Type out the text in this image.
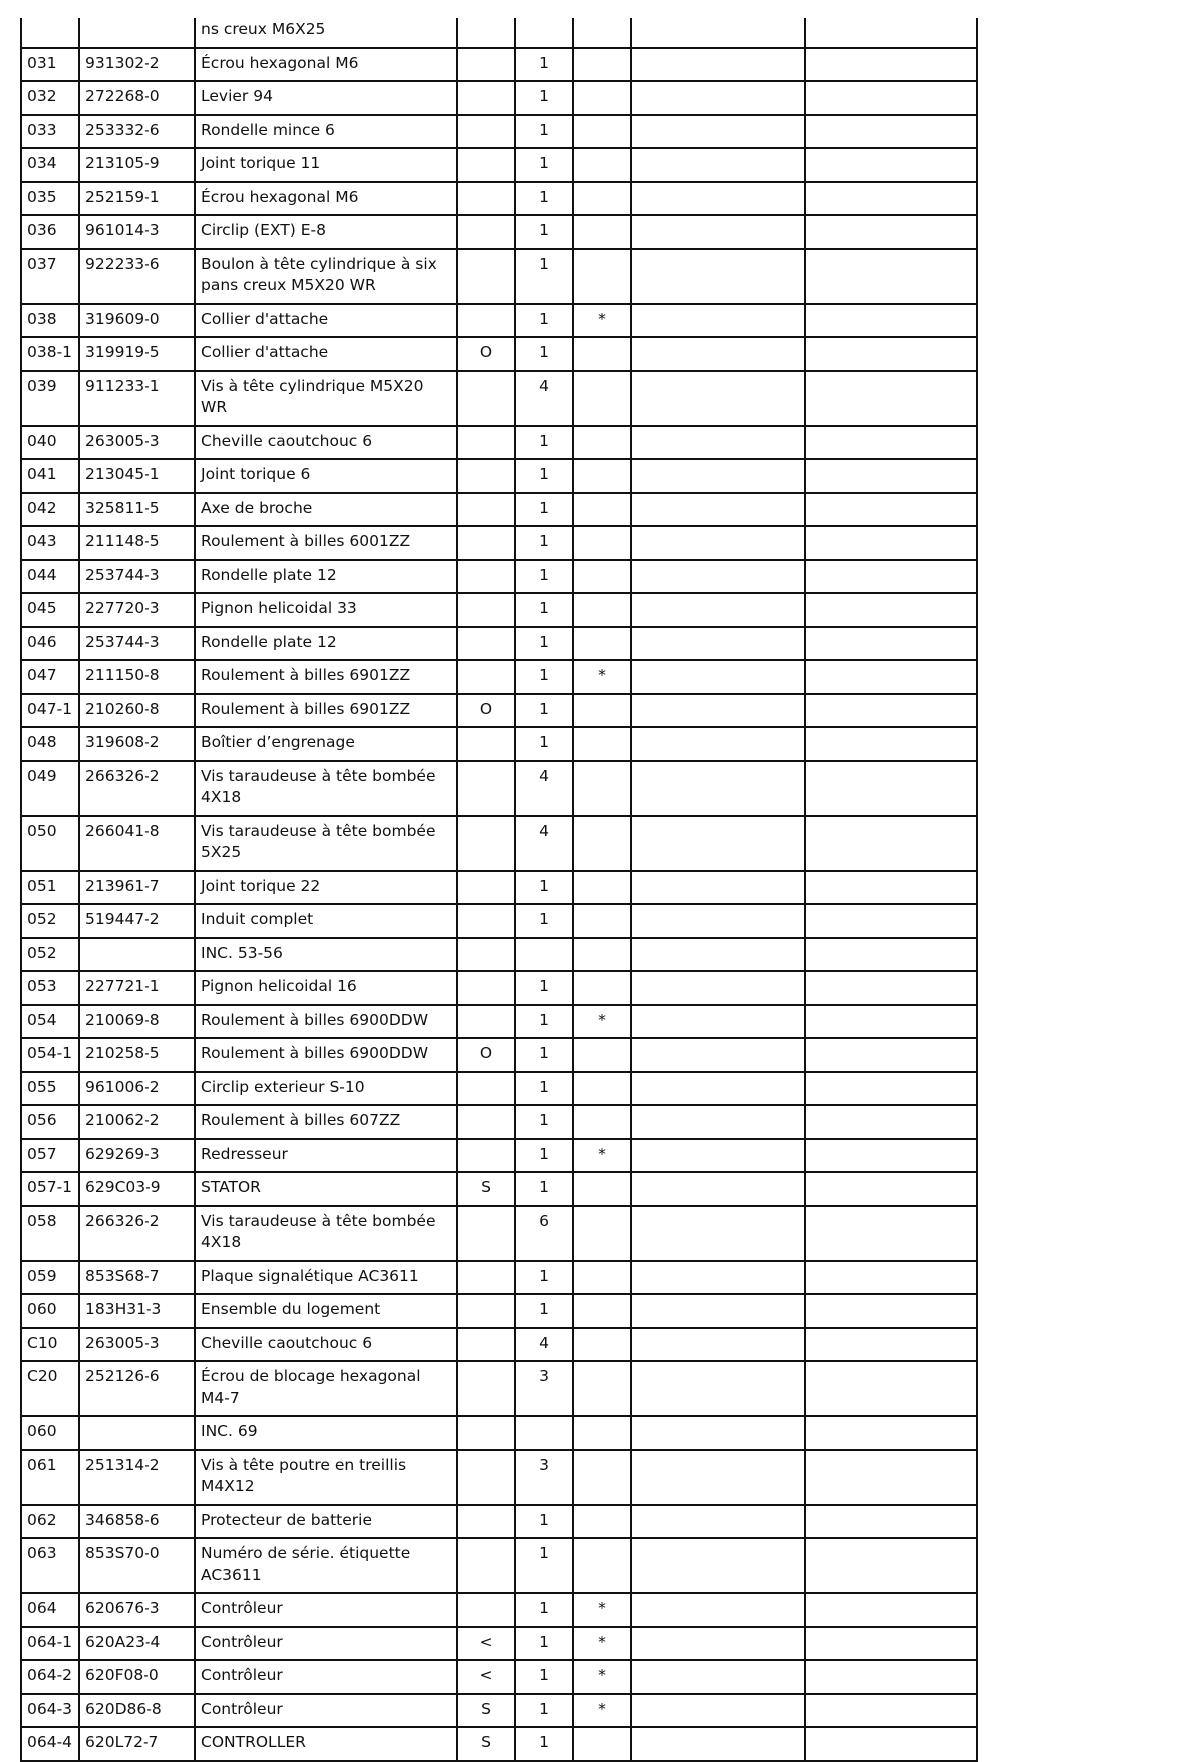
		ns creux M6X25					
031	931302-2	Écrou hexagonal M6		1			
032	272268-0	Levier 94		1			
033	253332-6	Rondelle mince 6		1			
034	213105-9	Joint torique 11		1			
035	252159-1	Écrou hexagonal M6		1			
036	961014-3	Circlip (EXT) E-8		1			
037	922233-6	Boulon à tête cylindrique à six pans creux M5X20 WR		1			
038	319609-0	Collier d'attache		1	*		
038-1	319919-5	Collier d'attache	O	1			
039	911233-1	Vis à tête cylindrique M5X20 WR		4			
040	263005-3	Cheville caoutchouc 6		1			
041	213045-1	Joint torique 6		1			
042	325811-5	Axe de broche		1			
043	211148-5	Roulement à billes 6001ZZ		1			
044	253744-3	Rondelle plate 12		1			
045	227720-3	Pignon helicoidal 33		1			
046	253744-3	Rondelle plate 12		1			
047	211150-8	Roulement à billes 6901ZZ		1	*		
047-1	210260-8	Roulement à billes 6901ZZ	O	1			
048	319608-2	Boîtier d’engrenage		1			
049	266326-2	Vis taraudeuse à tête bombée 4X18		4			
050	266041-8	Vis taraudeuse à tête bombée 5X25		4			
051	213961-7	Joint torique 22		1			
052	519447-2	Induit complet		1			
052		INC. 53-56					
053	227721-1	Pignon helicoidal 16		1			
054	210069-8	Roulement à billes 6900DDW		1	*		
054-1	210258-5	Roulement à billes 6900DDW	O	1			
055	961006-2	Circlip exterieur S-10		1			
056	210062-2	Roulement à billes 607ZZ		1			
057	629269-3	Redresseur		1	*		
057-1	629C03-9	STATOR	S	1			
058	266326-2	Vis taraudeuse à tête bombée 4X18		6			
059	853S68-7	Plaque signalétique AC3611		1			
060	183H31-3	Ensemble du logement		1			
C10	263005-3	Cheville caoutchouc 6		4			
C20	252126-6	Écrou de blocage hexagonal M4-7		3			
060		INC. 69					
061	251314-2	Vis à tête poutre en treillis M4X12		3			
062	346858-6	Protecteur de batterie		1			
063	853S70-0	Numéro de série. étiquette AC3611		1			
064	620676-3	Contrôleur		1	*		
064-1	620A23-4	Contrôleur	<	1	*		
064-2	620F08-0	Contrôleur	<	1	*		
064-3	620D86-8	Contrôleur	S	1	*		
064-4	620L72-7	CONTROLLER	S	1			
